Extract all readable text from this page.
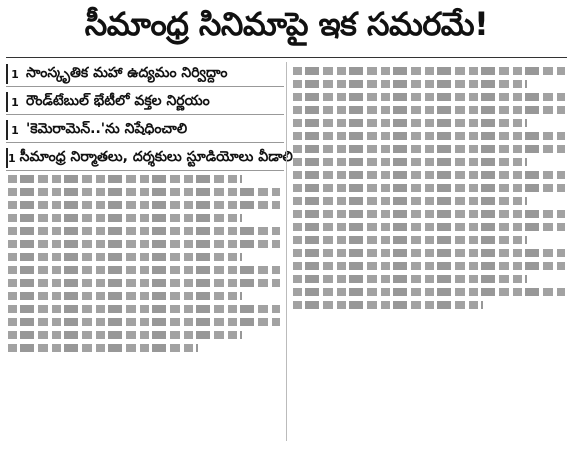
సీమాంధ్ర సినిమాపై ఇక సమరమే!
1 సాంస్కృతిక మహా ఉద్యమం నిర్విద్దాం
1 రౌండ్‌టేబుల్ భేటీలో వక్తల నిర్ణయం
1 'కెమెరామెన్..'ను నిషేధించాలి
1 సీమాంధ్ర నిర్మాతలు, దర్శకులు స్టూడియోలు వీడాలి
